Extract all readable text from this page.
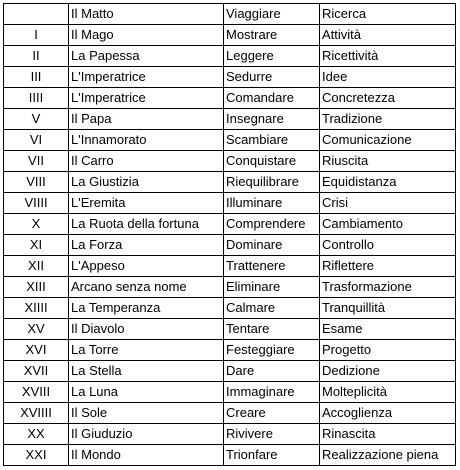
	Il Matto	Viaggiare	Ricerca
I	Il Mago	Mostrare	Attività
II	La Papessa	Leggere	Ricettività
III	L'Imperatrice	Sedurre	Idee
IIII	L'Imperatrice	Comandare	Concretezza
V	Il Papa	Insegnare	Tradizione
VI	L'Innamorato	Scambiare	Comunicazione
VII	Il Carro	Conquistare	Riuscita
VIII	La Giustizia	Riequilibrare	Equidistanza
VIIII	L'Eremita	Illuminare	Crisi
X	La Ruota della fortuna	Comprendere	Cambiamento
XI	La Forza	Dominare	Controllo
XII	L'Appeso	Trattenere	Riflettere
XIII	Arcano senza nome	Eliminare	Trasformazione
XIIII	La Temperanza	Calmare	Tranquillità
XV	Il Diavolo	Tentare	Esame
XVI	La Torre	Festeggiare	Progetto
XVII	La Stella	Dare	Dedizione
XVIII	La Luna	Immaginare	Molteplicità
XVIIII	Il Sole	Creare	Accoglienza
XX	Il Giuduzio	Rivivere	Rinascita
XXI	Il Mondo	Trionfare	Realizzazione piena
